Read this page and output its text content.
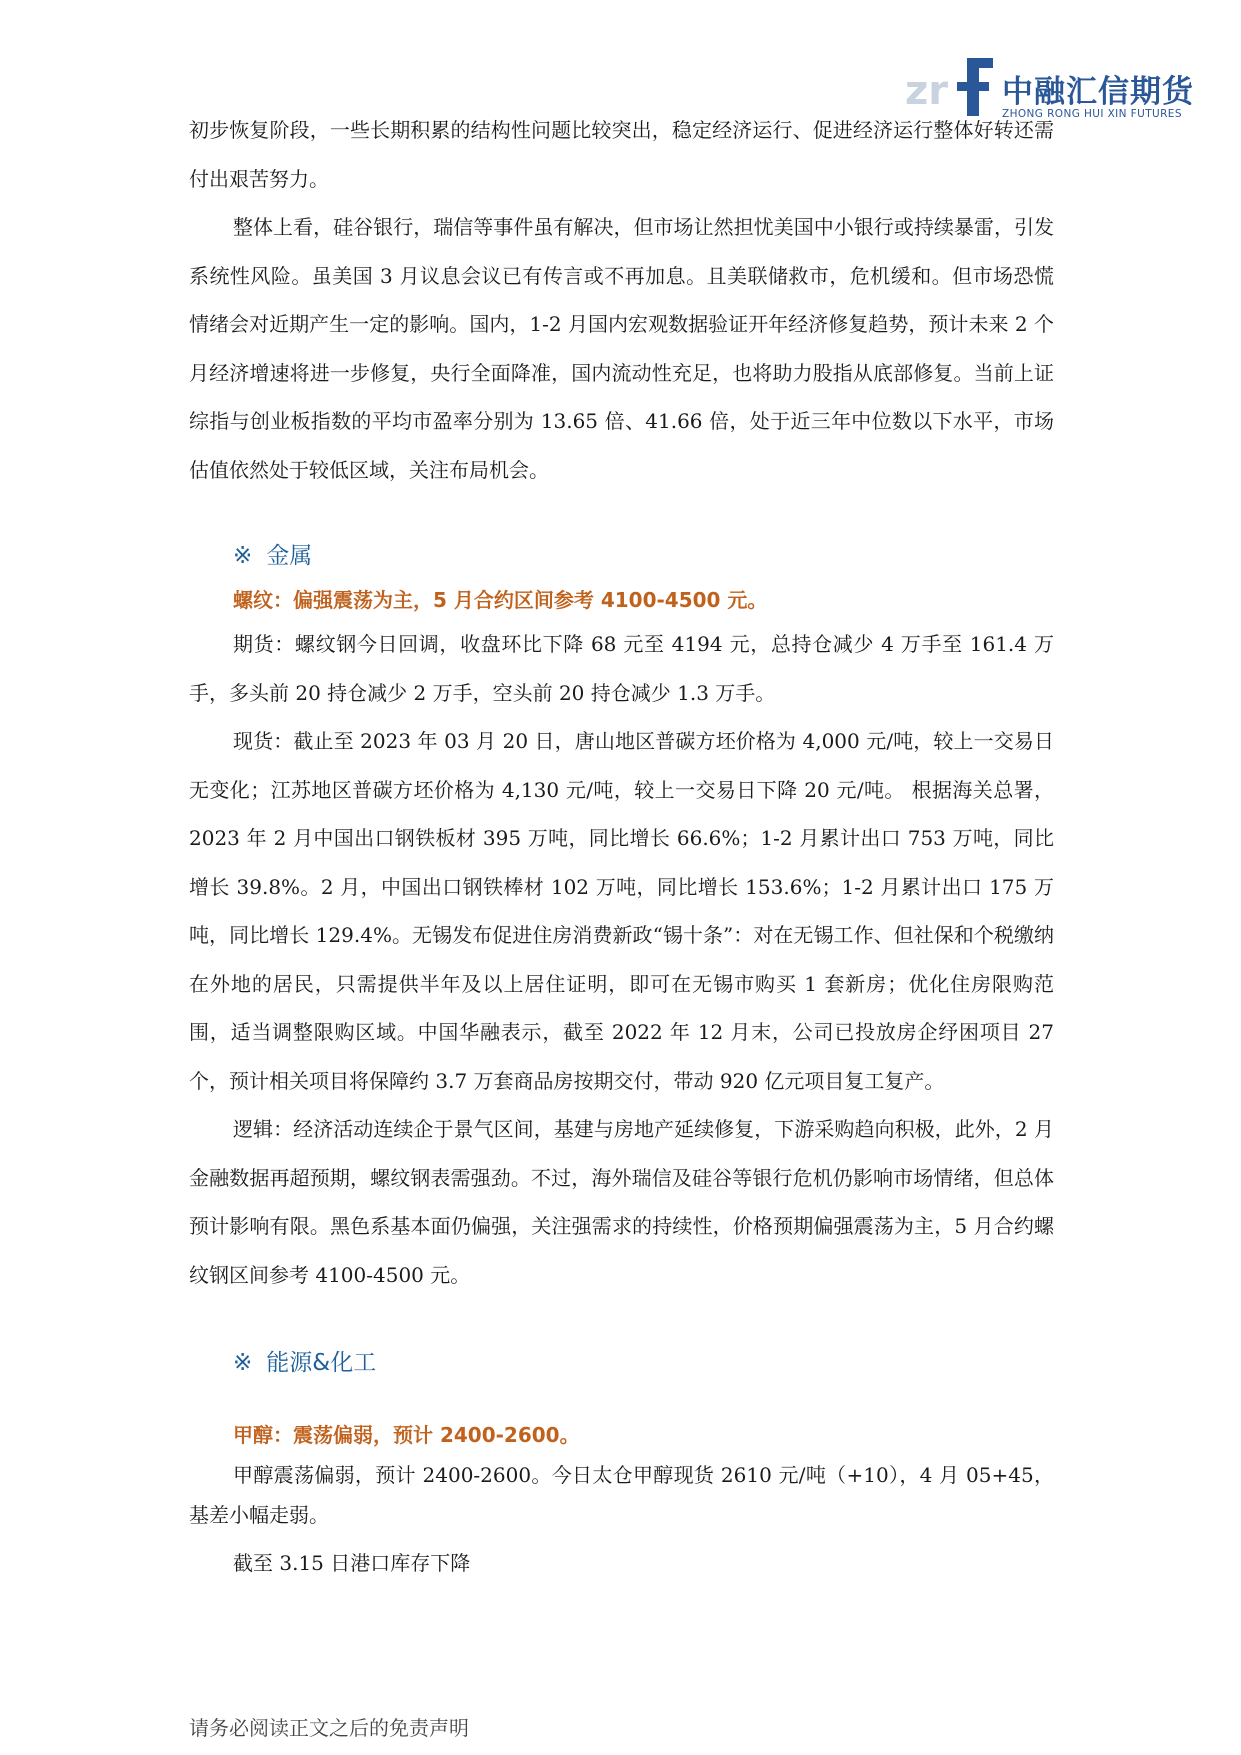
zr 中融汇信期货
ZHONG RONG HUI XIN FUTURES

初步恢复阶段，一些长期积累的结构性问题比较突出，稳定经济运行、促进经济运行整体好转还需付出艰苦努力。

整体上看，硅谷银行，瑞信等事件虽有解决，但市场让然担忧美国中小银行或持续暴雷，引发系统性风险。虽美国 3 月议息会议已有传言或不再加息。且美联储救市，危机缓和。但市场恐慌情绪会对近期产生一定的影响。国内，1-2 月国内宏观数据验证开年经济修复趋势，预计未来 2 个月经济增速将进一步修复，央行全面降准，国内流动性充足，也将助力股指从底部修复。当前上证综指与创业板指数的平均市盈率分别为 13.65 倍、41.66 倍，处于近三年中位数以下水平，市场估值依然处于较低区域，关注布局机会。

※ 金属
螺纹：偏强震荡为主，5 月合约区间参考 4100-4500 元。

期货：螺纹钢今日回调，收盘环比下降 68 元至 4194 元，总持仓减少 4 万手至 161.4 万手，多头前 20 持仓减少 2 万手，空头前 20 持仓减少 1.3 万手。

现货：截止至 2023 年 03 月 20 日，唐山地区普碳方坯价格为 4,000 元/吨，较上一交易日无变化；江苏地区普碳方坯价格为 4,130 元/吨，较上一交易日下降 20 元/吨。 根据海关总署，2023 年 2 月中国出口钢铁板材 395 万吨，同比增长 66.6%；1-2 月累计出口 753 万吨，同比增长 39.8%。2 月，中国出口钢铁棒材 102 万吨，同比增长 153.6%；1-2 月累计出口 175 万吨，同比增长 129.4%。无锡发布促进住房消费新政“锡十条”：对在无锡工作、但社保和个税缴纳在外地的居民，只需提供半年及以上居住证明，即可在无锡市购买 1 套新房；优化住房限购范围，适当调整限购区域。中国华融表示，截至 2022 年 12 月末，公司已投放房企纾困项目 27 个，预计相关项目将保障约 3.7 万套商品房按期交付，带动 920 亿元项目复工复产。

逻辑：经济活动连续企于景气区间，基建与房地产延续修复，下游采购趋向积极，此外，2 月金融数据再超预期，螺纹钢表需强劲。不过，海外瑞信及硅谷等银行危机仍影响市场情绪，但总体预计影响有限。黑色系基本面仍偏强，关注强需求的持续性，价格预期偏强震荡为主，5 月合约螺纹钢区间参考 4100-4500 元。

※ 能源&化工
甲醇：震荡偏弱，预计 2400-2600。

甲醇震荡偏弱，预计 2400-2600。今日太仓甲醇现货 2610 元/吨（+10），4 月 05+45，基差小幅走弱。

截至 3.15 日港口库存下降

请务必阅读正文之后的免责声明
